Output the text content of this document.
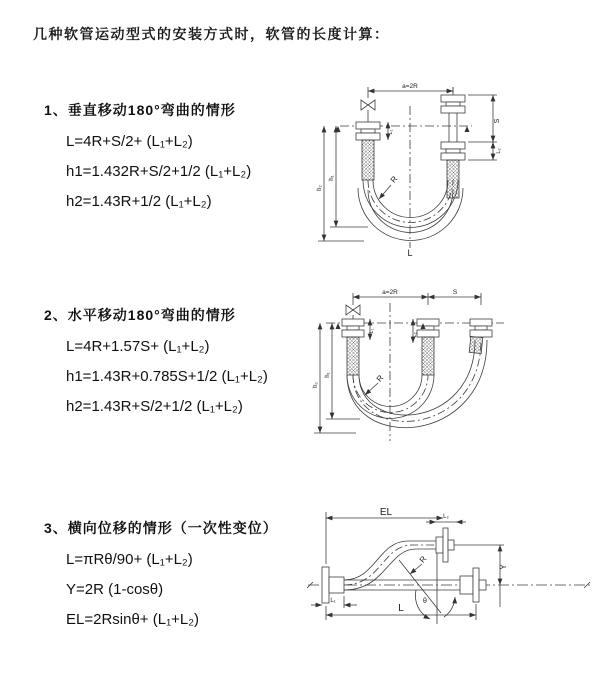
几种软管运动型式的安装方式时，软管的长度计算：
1、垂直移动180°弯曲的情形
L=4R+S/2+ (L₁+L₂)
h1=1.432R+S/2+1/2 (L₁+L₂)
h2=1.43R+1/2 (L₁+L₂)
2、水平移动180°弯曲的情形
L=4R+1.57S+ (L₁+L₂)
h1=1.43R+0.785S+1/2 (L₁+L₂)
h2=1.43R+S/2+1/2 (L₁+L₂)
3、横向位移的情形（一次性变位）
L=πRθ/90+ (L₁+L₂)
Y=2R (1-cosθ)
EL=2Rsinθ+ (L₁+L₂)
a=2R
S
L₂
L₁
h₁
h₂
R
L
a=2R	S
L₁
L₂
h₁
h₂
R
EL	L₂
Y
R
θ
L
L₁
